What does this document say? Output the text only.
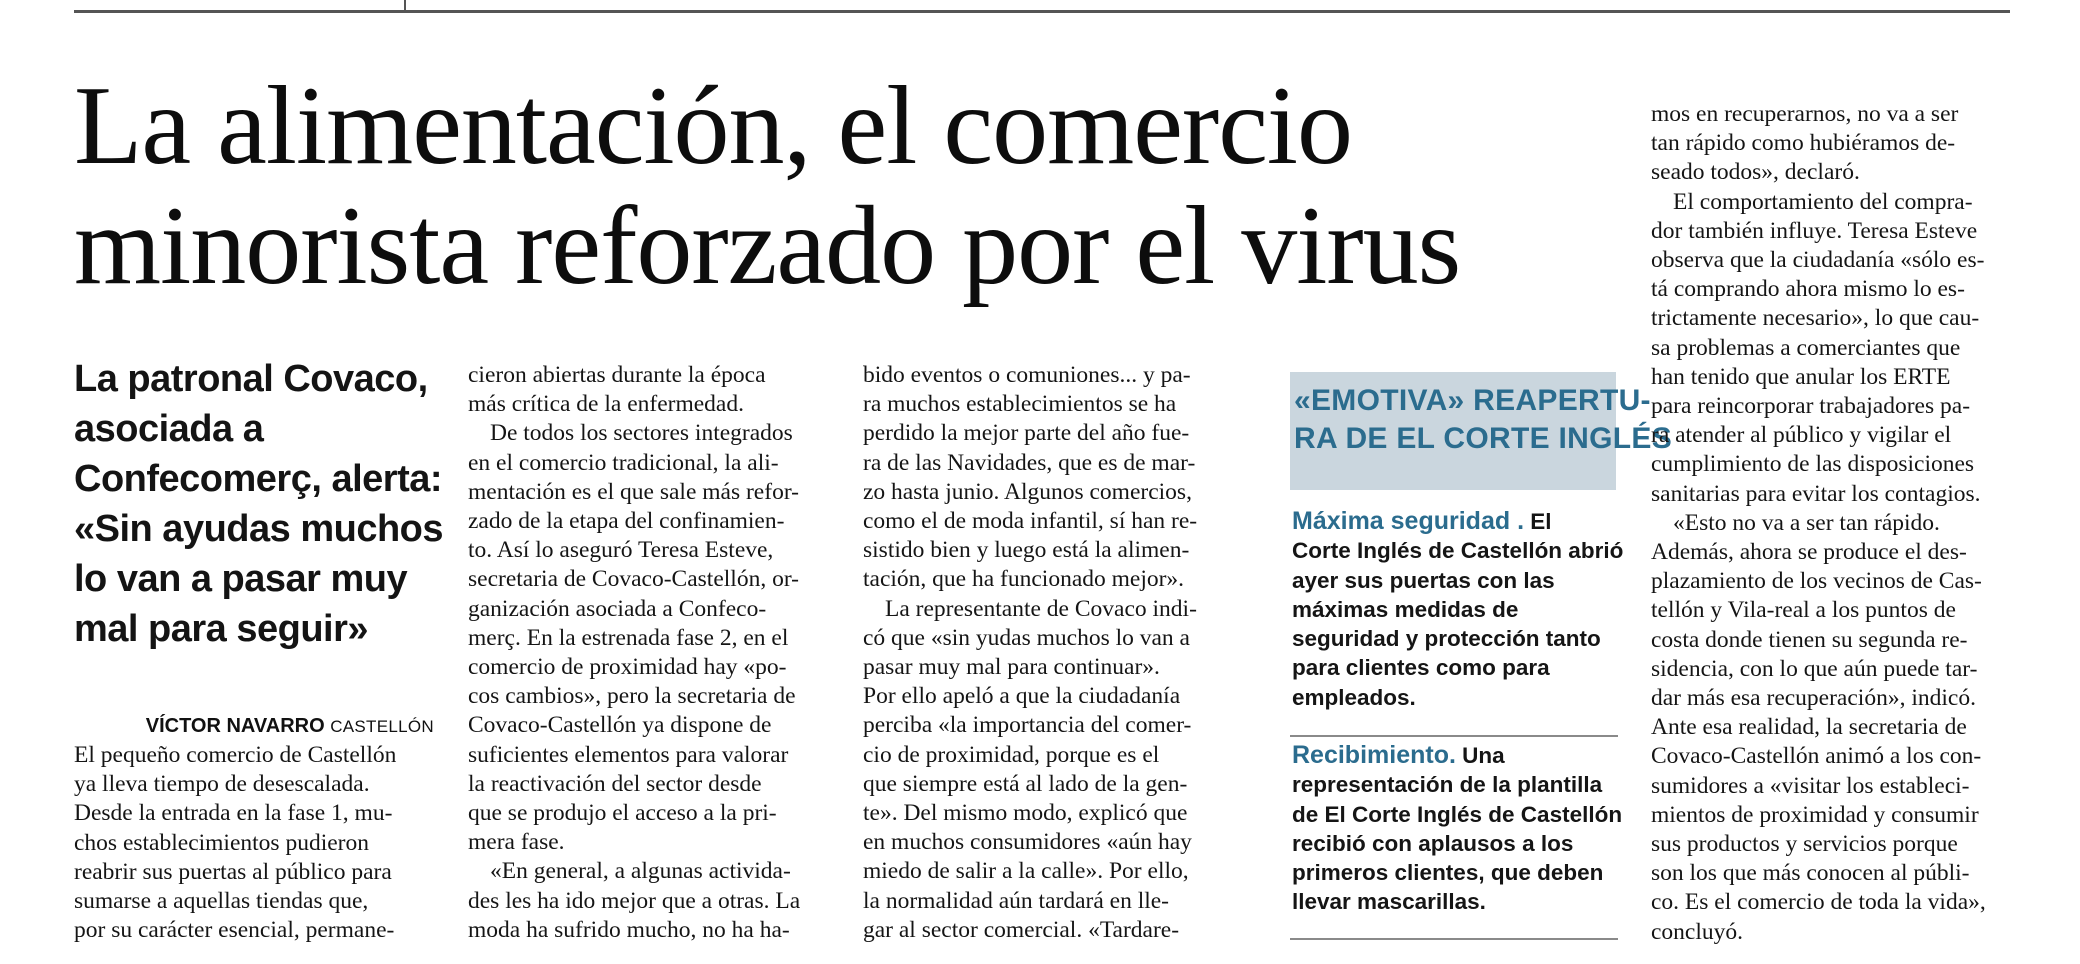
La alimentación, el comercio
minorista reforzado por el virus
La patronal Covaco,
asociada a
Confecomerç, alerta:
«Sin ayudas muchos
lo van a pasar muy
mal para seguir»
VÍCTOR NAVARRO CASTELLÓN
El pequeño comercio de Castellón
ya lleva tiempo de desescalada.
Desde la entrada en la fase 1, mu-
chos establecimientos pudieron
reabrir sus puertas al público para
sumarse a aquellas tiendas que,
por su carácter esencial, permane-
cieron abiertas durante la época
más crítica de la enfermedad.
De todos los sectores integrados
en el comercio tradicional, la ali-
mentación es el que sale más refor-
zado de la etapa del confinamien-
to. Así lo aseguró Teresa Esteve,
secretaria de Covaco-Castellón, or-
ganización asociada a Confeco-
merç. En la estrenada fase 2, en el
comercio de proximidad hay «po-
cos cambios», pero la secretaria de
Covaco-Castellón ya dispone de
suficientes elementos para valorar
la reactivación del sector desde
que se produjo el acceso a la pri-
mera fase.
«En general, a algunas activida-
des les ha ido mejor que a otras. La
moda ha sufrido mucho, no ha ha-
bido eventos o comuniones... y pa-
ra muchos establecimientos se ha
perdido la mejor parte del año fue-
ra de las Navidades, que es de mar-
zo hasta junio. Algunos comercios,
como el de moda infantil, sí han re-
sistido bien y luego está la alimen-
tación, que ha funcionado mejor».
La representante de Covaco indi-
có que «sin yudas muchos lo van a
pasar muy mal para continuar».
Por ello apeló a que la ciudadanía
perciba «la importancia del comer-
cio de proximidad, porque es el
que siempre está al lado de la gen-
te». Del mismo modo, explicó que
en muchos consumidores «aún hay
miedo de salir a la calle». Por ello,
la normalidad aún tardará en lle-
gar al sector comercial. «Tardare-
«EMOTIVA» REAPERTU-
RA DE EL CORTE INGLÉS
Máxima seguridad . El
Corte Inglés de Castellón abrió
ayer sus puertas con las
máximas medidas de
seguridad y protección tanto
para clientes como para
empleados.
Recibimiento. Una
representación de la plantilla
de El Corte Inglés de Castellón
recibió con aplausos a los
primeros clientes, que deben
llevar mascarillas.
mos en recuperarnos, no va a ser
tan rápido como hubiéramos de-
seado todos», declaró.
El comportamiento del compra-
dor también influye. Teresa Esteve
observa que la ciudadanía «sólo es-
tá comprando ahora mismo lo es-
trictamente necesario», lo que cau-
sa problemas a comerciantes que
han tenido que anular los ERTE
para reincorporar trabajadores pa-
ra atender al público y vigilar el
cumplimiento de las disposiciones
sanitarias para evitar los contagios.
«Esto no va a ser tan rápido.
Además, ahora se produce el des-
plazamiento de los vecinos de Cas-
tellón y Vila-real a los puntos de
costa donde tienen su segunda re-
sidencia, con lo que aún puede tar-
dar más esa recuperación», indicó.
Ante esa realidad, la secretaria de
Covaco-Castellón animó a los con-
sumidores a «visitar los estableci-
mientos de proximidad y consumir
sus productos y servicios porque
son los que más conocen al públi-
co. Es el comercio de toda la vida»,
concluyó.
